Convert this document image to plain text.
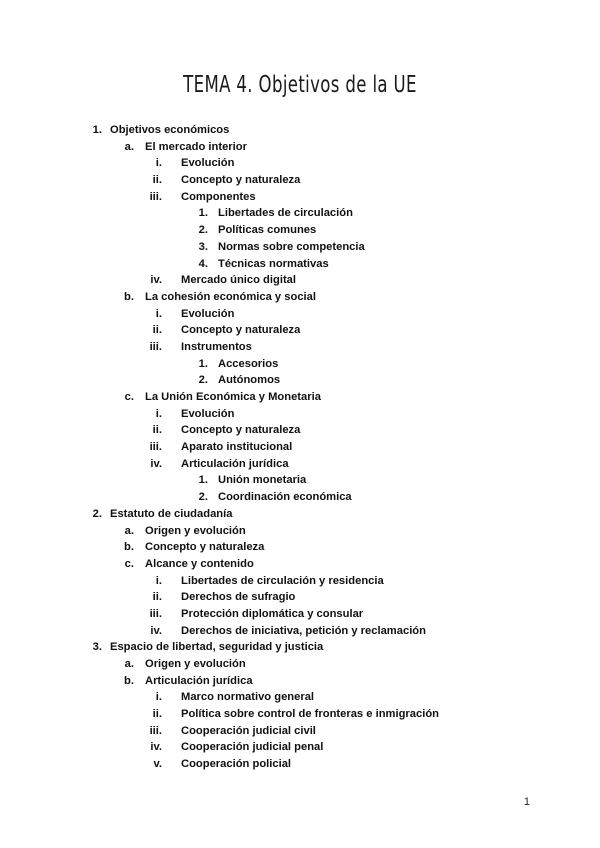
TEMA 4. Objetivos de la UE
1. Objetivos económicos
a. El mercado interior
i. Evolución
ii. Concepto y naturaleza
iii. Componentes
1. Libertades de circulación
2. Políticas comunes
3. Normas sobre competencia
4. Técnicas normativas
iv. Mercado único digital
b. La cohesión económica y social
i. Evolución
ii. Concepto y naturaleza
iii. Instrumentos
1. Accesorios
2. Autónomos
c. La Unión Económica y Monetaria
i. Evolución
ii. Concepto y naturaleza
iii. Aparato institucional
iv. Articulación jurídica
1. Unión monetaria
2. Coordinación económica
2. Estatuto de ciudadanía
a. Origen y evolución
b. Concepto y naturaleza
c. Alcance y contenido
i. Libertades de circulación y residencia
ii. Derechos de sufragio
iii. Protección diplomática y consular
iv. Derechos de iniciativa, petición y reclamación
3. Espacio de libertad, seguridad y justicia
a. Origen y evolución
b. Articulación jurídica
i. Marco normativo general
ii. Política sobre control de fronteras e inmigración
iii. Cooperación judicial civil
iv. Cooperación judicial penal
v. Cooperación policial
1
